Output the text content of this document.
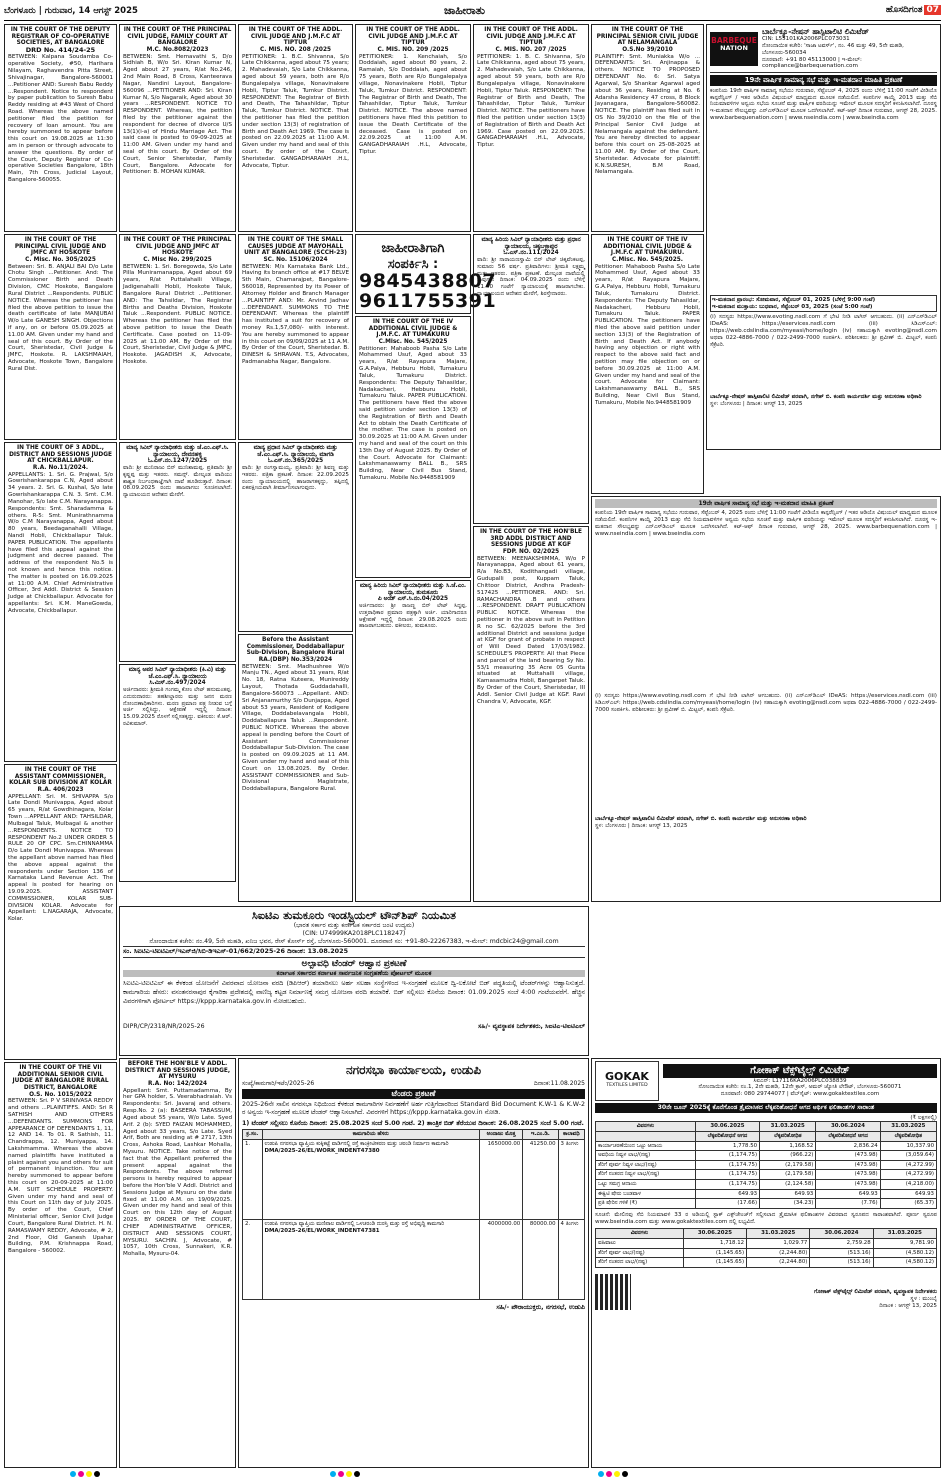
ಬೆಂಗಳೂರು | ಗುರುವಾರ, 14 ಆಗಸ್ಟ್ 2025	ಜಾಹೀರಾತು	ಹೊಸದಿಗಂತ 07
IN THE COURT OF THE DEPUTY REGISTRAR OF CO-OPERATIVE SOCIETIES, AT BANGALORE
DRD No. 414/24-25
BETWEEN: Kalpana Soudamba Co-operative Society, #50, Harihara Nilayam, Raghavendra Pitta Street, Shivajinagar, Bangalore-560001 ...Petitioner AND: Suresh Babu Reddy ...Respondent. Notice to respondent by paper publication to Suresh Babu Reddy residing at #43 West of Chord Road. Whereas the above named petitioner filed the petition for recovery of loan amount. You are hereby summoned to appear before this court on 19.08.2025 at 11:30 am in person or through advocate to answer the questions. By order of the Court, Deputy Registrar of Co-operative Societies Bangalore, 18th Main, 7th Cross, Judicial Layout, Bangalore-560055.
IN THE COURT OF THE PRINCIPAL CIVIL JUDGE, FAMILY COURT AT BANGALORE
M.C. No.8082/2023
BETWEEN: Smt. Hemavathi S, D/o Sidhiah B, W/o Sri. Kiran Kumar N, Aged about 27 years, R/at No.246, 2nd Main Road, 8 Cross, Kanteerava Nagar, Nandini Layout, Bangalore-560096 ...PETITIONER AND: Sri. Kiran Kumar N, S/o Nagaraik, Aged about 30 years ...RESPONDENT. NOTICE TO RESPONDENT. Whereas, the petition filed by the petitioner against the respondent for decree of divorce U/S 13(1)(i-a) of Hindu Marriage Act. The said case is posted to 09-09-2025 at 11:00 AM. Given under my hand and seal of this court. By Order of the Court, Senior Sheristedar, Family Court, Bangalore. Advocate for Petitioner: B. MOHAN KUMAR.
IN THE COURT OF THE ADDL. CIVIL JUDGE AND J.M.F.C AT TIPTUR
C. MIS. NO. 208 /2025
PETITIONER: 1. B.C. Shivanna, S/o Late Chikkanna, aged about 75 years; 2. Mahadevaiah, S/o Late Chikkanna, aged about 59 years, both are R/o Bungalepalya village, Nonavinakere Hobli, Tiptur Taluk, Tumkur District. RESPONDENT: The Registrar of Birth and Death, The Tahashildar, Tiptur Taluk, Tumkur District. NOTICE. That the petitioner has filed the petition under section 13(3) of registration of Birth and Death Act 1969. The case is posted on 22.09.2025 at 11:00 A.M. Given under my hand and seal of this court. By order of the Court, Sheristedar. GANGADHARAIAH .H.L, Advocate, Tiptur.
IN THE COURT OF THE ADDL. CIVIL JUDGE AND J.M.F.C AT TIPTUR
C. MIS. NO. 209 /2025
PETITIONER: 1. Kenchaiah, S/o Doddaiah, aged about 80 years, 2. Ramaiah, S/o Doddaiah, aged about 75 years, Both are R/o Bungalepalya village, Nonavinakere Hobli, Tiptur Taluk, Tumkur District. RESPONDENT: The Registrar of Birth and Death, The Tahashildar, Tiptur Taluk, Tumkur District. NOTICE. The above named petitioners have filed this petition to issue the Death Certificate of the deceased. Case is posted on 22.09.2025 at 11:00 A.M. GANGADHARAIAH .H.L, Advocate, Tiptur.
IN THE COURT OF THE ADDL. CIVIL JUDGE AND J.M.F.C AT TIPTUR
C. MIS. NO. 207 /2025
PETITIONER: 1. B. C. Shivanna, S/o Late Chikkanna, aged about 75 years, 2. Mahadevaiah, S/o Late Chikkanna, aged about 59 years, both are R/o Bungalepalya village, Nonavinakere Hobli, Tiptur Taluk. RESPONDENT: The Registrar of Birth and Death, The Tahashildar, Tiptur Taluk, Tumkur District. NOTICE. The petitioners have filed the petition under section 13(3) of Registration of Birth and Death Act 1969. Case posted on 22.09.2025. GANGADHARAIAH .H.L, Advocate, Tiptur.
IN THE COURT OF THE PRINCIPAL SENIOR CIVIL JUDGE AT NELAMANGALA
O.S.No 39/2010
PLAINTIFF: Smt. Muniakka W/o ... DEFENDANTS: Sri. Anjinappa & others. NOTICE TO PROPOSED DEFENDANT No. 6: Sri. Satya Agarwal, S/o Shankar Agarwal aged about 36 years, Residing at No. 6 Adarsha Residency 47 cross, 8 Block Jayanagara, Bangalore-560082. NOTICE. The plaintiff has filed suit in OS No 39/2010 on the file of the Principal Senior Civil Judge at Nelamangala against the defendant. You are hereby directed to appear before this court on 25-08-2025 at 11.00 AM. By Order of the Court, Sheristedar. Advocate for plaintiff: K.N.SURESH, B.M Road, Nelamangala.
BARBEQUE
NATION
ಬಾರ್ಬೆಕ್ಯೂ-ನೇಷನ್ ಹಾಸ್ಪಿಟಾಲಿಟಿ ಲಿಮಿಟೆಡ್
CIN: L55101KA2006PLC073031
ನೋಂದಾಯಿತ ಕಚೇರಿ: 'ಸಾಜಾ ಟವರ್ಸ್', ನಂ. 46 ಮತ್ತು 49, 5ನೇ ಮಹಡಿ, ಬೆಂಗಳೂರು-560034
ದೂರವಾಣಿ: +91 80 45113000 | ಇ-ಮೇಲ್: compliance@barbequenation.com
19ನೇ ವಾರ್ಷಿಕ ಸಾಮಾನ್ಯ ಸಭೆ ಮತ್ತು ಇ-ಮತದಾನ ಮಾಹಿತಿ ಪ್ರಕಟಣೆ
ಕಂಪನಿಯ 19ನೇ ವಾರ್ಷಿಕ ಸಾಮಾನ್ಯ ಸಭೆಯು ಗುರುವಾರ, ಸೆಪ್ಟೆಂಬರ್ 4, 2025 ರಂದು ಬೆಳಿಗ್ಗೆ 11:00 ಗಂಟೆಗೆ ವೀಡಿಯೊ ಕಾನ್ಫರೆನ್ಸಿಂಗ್ / ಇತರ ಆಡಿಯೊ ವಿಷುಯಲ್ ಮಾಧ್ಯಮದ ಮೂಲಕ ನಡೆಯಲಿದೆ. ಕಂಪನಿಗಳ ಕಾಯ್ದೆ 2013 ಮತ್ತು ಸೆಬಿ ನಿಯಮಾವಳಿಗಳ ಅನ್ವಯ ಸಭೆಯ ಸೂಚನೆ ಮತ್ತು ವಾರ್ಷಿಕ ವರದಿಯನ್ನು ಇಮೇಲ್ ಮೂಲಕ ಸದಸ್ಯರಿಗೆ ಕಳುಹಿಸಲಾಗಿದೆ. ದೂರಸ್ಥ ಇ-ಮತದಾನ ಸೌಲಭ್ಯವನ್ನು ಎನ್‌ಎಸ್‌ಡಿಎಲ್ ಮೂಲಕ ಒದಗಿಸಲಾಗಿದೆ. ಕಟ್-ಆಫ್ ದಿನಾಂಕ ಗುರುವಾರ, ಆಗಸ್ಟ್ 28, 2025. www.barbequenation.com | www.nseindia.com | www.bseindia.com
ಇ-ಮತದಾನ ಪ್ರಾರಂಭ: ಸೋಮವಾರ, ಸೆಪ್ಟೆಂಬರ್ 01, 2025 (ಬೆಳಿಗ್ಗೆ 9:00 ಗಂಟೆ)
ಇ-ಮತದಾನ ಮುಕ್ತಾಯ: ಬುಧವಾರ, ಸೆಪ್ಟೆಂಬರ್ 03, 2025 (ಸಂಜೆ 5:00 ಗಂಟೆ)
(i) ಸದಸ್ಯರು https://www.evoting.nsdl.com ಗೆ ಭೇಟಿ ನೀಡಿ ಲಾಗಿನ್ ಆಗಬಹುದು. (ii) ಎನ್‌ಎಸ್‌ಡಿಎಲ್ IDeAS: https://eservices.nsdl.com (iii) ಸಿಡಿಎಸ್‌ಎಲ್: https://web.cdslindia.com/myeasi/home/login (iv) ಸಹಾಯಕ್ಕಾಗಿ evoting@nsdl.com ಅಥವಾ 022-4886-7000 / 022-2499-7000 ಸಂಪರ್ಕಿಸಿ. ಪರಿಶೀಲಕರು: ಶ್ರೀ ಪ್ರವೀಣ್ ಬಿ. ಮಿಟ್ಟಲ್, ಕಂಪನಿ ಸೆಕ್ರೆಟರಿ.
ಬಾರ್ಬೆಕ್ಯೂ-ನೇಷನ್ ಹಾಸ್ಪಿಟಾಲಿಟಿ ಲಿಮಿಟೆಡ್ ಪರವಾಗಿ, ನಗೇಶ್ ಬಿ. ಕಂಪನಿ ಕಾರ್ಯದರ್ಶಿ ಮತ್ತು ಅನುಸರಣಾ ಅಧಿಕಾರಿ
ಸ್ಥಳ: ಬೆಂಗಳೂರು | ದಿನಾಂಕ: ಆಗಸ್ಟ್ 13, 2025
IN THE COURT OF THE PRINCIPAL CIVIL JUDGE AND JMFC AT HOSKOTE
C. Misc. No. 305/2025
Between: Sri. B. ANJALI BAI D/o Late Chotu Singh ...Petitioner. And: The Commissioner Birth and Death Division, CMC Hoskote, Bangalore Rural District ...Respondents. PUBLIC NOTICE. Whereas the petitioner has filed the above petition to issue the death certificate of late MANJUBAI W/o Late GANESH SINGH. Objections if any, on or before 05.09.2025 at 11.00 AM. Given under my hand and seal of this court. By Order of the Court, Sheristedar, Civil Judge & JMFC, Hoskote. R. LAKSHMAIAH, Advocate, Hoskote Town, Bangalore Rural Dist.
IN THE COURT OF THE PRINCIPAL CIVIL JUDGE AND JMFC AT HOSKOTE
C. Misc No. 299/2025
BETWEEN: 1. Sri. Boregowda, S/o Late Pilla Muniramanappa, Aged about 69 years, R/at Puttalahalli Village, Jadigenahalli Hobli, Hoskote Taluk, Bangalore Rural District ...Petitioner. AND: The Tahsildar, The Registrar Births and Deaths Division, Hoskote Taluk ...Respondent. PUBLIC NOTICE. Whereas the petitioner has filed the above petition to issue the Death Certificate. Case posted on 11-09-2025 at 11.00 AM. By Order of the Court, Sheristedar, Civil Judge & JMFC, Hoskote. JAGADISH .K, Advocate, Hoskote.
IN THE COURT OF THE SMALL CAUSES JUDGE AT MAYOHALL UNIT AT BANGALORE (SCCH-23)
SC. No. 15106/2024
BETWEEN: M/s Karnataka Bank Ltd., Having its branch office at #17 BELVE Sth Main, Chamarajpet, Bangalore-560018, Represented by its Power of Attorney Holder and Branch Manager ...PLAINTIFF AND: Mr. Arvind Jadhav ...DEFENDANT. SUMMONS TO THE DEFENDANT. Whereas the plaintiff has instituted a suit for recovery of money Rs.1,57,080/- with interest. You are hereby summoned to appear in this court on 09/09/2025 at 11 A.M. By Order of the Court, Sheristedar. B. DINESH & SHRAVAN. T.S, Advocates, Padmanabha Nagar, Bangalore.
ಜಾಹೀರಾತಿಗಾಗಿ ಸಂಪರ್ಕಿಸಿ :
9845438807
9611755391
IN THE COURT OF THE IV ADDITIONAL CIVIL JUDGE & J.M.F.C. AT TUMAKURU
C.Misc. No. 545/2025
Petitioner: Mahaboob Pasha S/o Late Mohammed Usuf, Aged about 33 years, R/at Rayapura Majare, G.A.Palya, Hebburu Hobli, Tumakuru Taluk, Tumakuru District. Respondents: The Deputy Tahasildar, Nadakacheri, Hebburu Hobli, Tumakuru Taluk. PAPER PUBLICATION. The petitioners have filed the above said petition under section 13(3) of the Registration of Birth and Death Act to obtain the Death Certificate of the mother. The case is posted on 30.09.2025 at 11:00 A.M. Given under my hand and seal of the court on this 13th Day of August 2025. By Order of the Court. Advocate for Claimant: Lakshmanaswamy BALL B., SRS Building, Near Civil Bus Stand, Tumakuru. Mobile No.9448581909
ಮಾನ್ಯ ಹಿರಿಯ ಸಿವಿಲ್ ನ್ಯಾಯಾಧೀಶರು ಮತ್ತು ಪ್ರಧಾನ ನ್ಯಾಯಾಲಯ, ಚಿಕ್ಕಬಳ್ಳಾಪುರ
ಓ.ಎಸ್.ನಂ.111/2024
ವಾದಿ: ಶ್ರೀ ನಾರಾಯಣಸ್ವಾಮಿ ಬಿನ್ ಲೇಟ್ ಚಿಕ್ಕವೆಂಕಟಪ್ಪ, ಸುಮಾರು 56 ವರ್ಷ. ಪ್ರತಿವಾದಿಗಳು: ಶ್ರೀಮತಿ ಲಕ್ಷ್ಮಮ್ಮ ಮತ್ತು ಇತರರು. ಪತ್ರಿಕಾ ಪ್ರಕಟಣೆ. ಮೇಲ್ಕಂಡ ದಾವೆಯಲ್ಲಿ ತಾವುಗಳು ದಿನಾಂಕ: 04.09.2025 ರಂದು ಬೆಳಿಗ್ಗೆ 11.00 ಗಂಟೆಗೆ ನ್ಯಾಯಾಲಯಕ್ಕೆ ಹಾಜರಾಗಬೇಕು. ನ್ಯಾಯಾಲಯದ ಆದೇಶದ ಮೇರೆಗೆ, ಶಿರಸ್ತೇದಾರರು.
IN THE COURT OF THE IV ADDITIONAL CIVIL JUDGE & J.M.F.C AT TUMAKURU.
C.Misc. No. 545/2025.
Petitioner: Mahaboob Pasha S/o Late Mohammed Usuf, Aged about 33 years, R/at Rayapura Majare, G.A.Palya, Hebburu Hobli, Tumakuru Taluk, Tumakuru District. Respondents: The Deputy Tahasildar, Nadakacheri, Hebburu Hobli, Tumakuru Taluk. PAPER PUBLICATION. The petitioners have filed the above said petition under section 13(3) of the Registration of Birth and Death Act. If anybody having any objection or right with respect to the above said fact and petition may file objection on or before 30.09.2025 at 11:00 A.M. Given under my hand and seal of the court. Advocate for Claimant: Lakshmanaswamy BALL B., SRS Building, Near Civil Bus Stand, Tumakuru, Mobile No.9448581909
IN THE COURT OF 3 ADDL., DISTRICT AND SESSIONS JUDGE AT CHICKBALLAPUR.
R.A. No.11/2024.
APPELLANTS: 1. Sri. G. Prajwal, S/o Gowrishankarappa C.N, Aged about 34 years. 2. Sri. G. Kushal, S/o late Gowrishankarappa C.N. 3. Smt. C.M. Manohar, S/o late C.M. Narayanappa. Respondents: Smt. Sharadamma & others. R-5: Smt. Munirathnamma W/o C.M Narayanappa, Aged about 80 years, Beedaganahalli Village, Nandi Hobli, Chickballapur Taluk. PAPER PUBLICATION. The appellants have filed this appeal against the judgment and decree passed. The address of the respondent No.5 is not known and hence this notice. The matter is posted on 16.09.2025 at 11:00 A.M. Chief Administrative Officer, 3rd Addl. District & Session Judge at Chickballapur. Advocate for appellants: Sri. K.M. ManeGowda, Advocate, Chickballapur.
IN THE COURT OF THE ASSISTANT COMMISSIONER, KOLAR SUB DIVISION AT KOLAR
R.A. 406/2023
APPELLANT: Sri. M. SHIVAPPA S/o Late Dondi Munivappa, Aged about 65 years, R/at Gowdhinagara, Kolar Town ...APPELLANT AND: TAHSILDAR, Mulbagal Taluk, Mulbagal & another ...RESPONDENTS. NOTICE TO RESPONDENT No.2 UNDER ORDER 5 RULE 20 OF CPC. Sm.CHINNAMMA D/o Late Dondi Munivappa. Whereas the appellant above named has filed the above appeal against the respondents under Section 136 of Karnataka Land Revenue Act. The appeal is posted for hearing on 19.09.2025. ASSISTANT COMMISSIONER, KOLAR SUB-DIVISION KOLAR. Advocate for Appellant: L.NAGARAJA, Advocate, Kolar.
IN THE COURT OF THE VII ADDITIONAL SENIOR CIVIL JUDGE AT BANGALORE RURAL DISTRICT, BANGALORE
O.S. No. 1015/2022
BETWEEN: Sri. P V SRINIVASA REDDY and others ...PLAINTIFFS. AND: Sri R SATHISH AND OTHERS ...DEFENDANTS. SUMMONS FOR APPEARANCE OF DEFENDANTS 1, 11, 12 AND 14. To 01. R Sathish, 11. Chandrappa, 12. Muniyappa, 14. Lakshmamma. Whereas the above named plaintiffs have instituted a plaint against you and others for suit of permanent injunction. You are hereby summoned to appear before this court on 20-09-2025 at 11:00 A.M. SUIT SCHEDULE PROPERTY. Given under my hand and seal of this Court on 11th day of July 2025. By order of the Court, Chief Ministerial officer, Senior Civil Judge Court, Bangalore Rural District. H. N. RAMASWAMY REDDY, Advocate, # 2, 2nd Floor, Old Ganesh Upahar Building, P.M. Krishnappa Road, Bangalore - 560002.
ಮಾನ್ಯ ಸಿವಿಲ್ ನ್ಯಾಯಾಧೀಶರು ಮತ್ತು ಜೆ.ಎಂ.ಎಫ್.ಸಿ. ನ್ಯಾಯಾಲಯ, ದೇವನಹಳ್ಳಿ
ಓ.ಎಸ್.ನಂ.1247/2025
ವಾದಿ: ಶ್ರೀ ಮುನಿರಾಜು ಬಿನ್ ಮುನಿಶಾಮಪ್ಪ. ಪ್ರತಿವಾದಿ: ಶ್ರೀ ಕೃಷ್ಣಪ್ಪ ಮತ್ತು ಇತರರು. ಸಮನ್ಸ್. ಮೇಲ್ಕಂಡ ವಾದಿಯು ಶಾಶ್ವತ ನಿರ್ಬಂಧಕಾಜ್ಞೆಗಾಗಿ ದಾವೆ ಹೂಡಿರುತ್ತಾರೆ. ದಿನಾಂಕ: 08.09.2025 ರಂದು ಹಾಜರಾಗಲು ಸೂಚಿಸಲಾಗಿದೆ. ನ್ಯಾಯಾಲಯದ ಆದೇಶದ ಮೇರೆಗೆ.
ಮಾನ್ಯ ಅಪರ ಸಿವಿಲ್ ನ್ಯಾಯಾಧೀಶರು (ಕಿ.ವಿ) ಮತ್ತು ಜೆ.ಎಂ.ಎಫ್.ಸಿ. ನ್ಯಾಯಾಲಯ
ಸಿ.ಮಿಸ್.ನಂ.497/2024
ಅರ್ಜಿದಾರರು: ಶ್ರೀಮತಿ ಗಂಗಮ್ಮ ಕೋಂ ಲೇಟ್ ಹನುಮಂತಪ್ಪ. ಎದುರುದಾರರು: ತಹಶೀಲ್ದಾರರು ಮತ್ತು ಜನನ ಮರಣ ನೋಂದಣಾಧಿಕಾರಿಗಳು. ಮರಣ ಪ್ರಮಾಣ ಪತ್ರ ನೀಡುವ ಬಗ್ಗೆ ಅರ್ಜಿ ಸಲ್ಲಿಸಿದ್ದು, ಆಕ್ಷೇಪಣೆ ಇದ್ದಲ್ಲಿ ದಿನಾಂಕ: 15.09.2025 ರೊಳಗೆ ಸಲ್ಲಿಸತಕ್ಕದ್ದು. ವಕೀಲರು: ಕೆ.ಆರ್. ರವಿಕುಮಾರ್.
ಮಾನ್ಯ ಪ್ರಧಾನ ಸಿವಿಲ್ ನ್ಯಾಯಾಧೀಶರು ಮತ್ತು ಜೆ.ಎಂ.ಎಫ್.ಸಿ. ನ್ಯಾಯಾಲಯ, ಮಾಗಡಿ
ಓ.ಎಸ್.ನಂ.365/2025
ವಾದಿ: ಶ್ರೀ ರಂಗಸ್ವಾಮಯ್ಯ. ಪ್ರತಿವಾದಿ: ಶ್ರೀ ಶಿವಣ್ಣ ಮತ್ತು ಇತರರು. ಪತ್ರಿಕಾ ಪ್ರಕಟಣೆ. ದಿನಾಂಕ: 22.09.2025 ರಂದು ನ್ಯಾಯಾಲಯದಲ್ಲಿ ಹಾಜರಾಗತಕ್ಕದ್ದು, ತಪ್ಪಿದಲ್ಲಿ ಏಕಪಕ್ಷೀಯವಾಗಿ ತೀರ್ಮಾನಿಸಲಾಗುವುದು.
Before the Assistant Commissioner, Doddaballapur Sub-Division, Bangalore Rural
RA.(DBP) No.353/2024
BETWEEN: Smt. Madhushree W/o Manju TN., Aged about 31 years, R/at No. 18, Ratna Kuteera, Munireddy Layout, Thotada Guddadahalli, Bangalore-560073 ...Appellant. AND: Sri Anjanamurthy S/o Dunjappa, Aged about 53 years, Resident of Kodigere Village, Doddabelavangala Hobli, Doddaballapura Taluk ...Respondent. PUBLIC NOTICE. Whereas the above appeal is pending before the Court of Assistant Commissioner Doddaballapur Sub-Division. The case is posted on 09.09.2025 at 11 AM. Given under my hand and seal of this Court on 13.08.2025. By Order. ASSISTANT COMMISSIONER and Sub-Divisional Magistrate, Doddaballapura, Bangalore Rural.
ಮಾನ್ಯ ಹಿರಿಯ ಸಿವಿಲ್ ನ್ಯಾಯಾಧೀಶರು ಮತ್ತು ಸಿ.ಜೆ.ಎಂ. ನ್ಯಾಯಾಲಯ, ತುಮಕೂರು
ಪಿ ಅಂಡ್ ಎಸ್.ಸಿ.ನಂ.04/2025
ಅರ್ಜಿದಾರರು: ಶ್ರೀ ರಾಜಣ್ಣ ಬಿನ್ ಲೇಟ್ ಸಿದ್ದಪ್ಪ. ಉತ್ತರಾಧಿಕಾರ ಪ್ರಮಾಣ ಪತ್ರಕ್ಕಾಗಿ ಅರ್ಜಿ. ಯಾರಿಗಾದರೂ ಆಕ್ಷೇಪಣೆ ಇದ್ದಲ್ಲಿ ದಿನಾಂಕ: 29.08.2025 ರಂದು ಹಾಜರಾಗಬಹುದು. ವಕೀಲರು, ತುಮಕೂರು.
IN THE COURT OF THE HON'BLE 3RD ADDL DISTRICT AND SESSIONS JUDGE AT KGF
FDP. NO. 02/2025
BETWEEN: MEENAKSHIMMA, W/o P Narayanappa, Aged about 61 years, R/a No.B3, Kodithangadi village, Gudupalli post, Kuppam Taluk, Chittoor District, Andhra Pradesh-517425 ...PETITIONER. AND: Sri. RAMACHANDRA .B and others ...RESPONDENT. DRAFT PUBLICATION PUBLIC NOTICE. Whereas the petitioner in the above suit in Petition R no SC. 62/2025 before the 3rd additional District and sessions judge at KGF for grant of probate in respect of Will Deed Dated 17/03/1982. SCHEDULE'S PROPERTY: All that Piece and parcel of the land bearing Sy No. 53/1 measuring 35 Acre 05 Gunta situated at Muttahalli village, Kamasamudra Hobli, Bangarpet Taluk. By Order of the Court, Sheristedar, III Addl. Senior Civil Judge at KGF. Ravi Chandra V, Advocate, KGF.
19ನೇ ವಾರ್ಷಿಕ ಸಾಮಾನ್ಯ ಸಭೆ ಮತ್ತು ಇ-ಮತದಾನ ಮಾಹಿತಿ ಪ್ರಕಟಣೆ
ಕಂಪನಿಯ 19ನೇ ವಾರ್ಷಿಕ ಸಾಮಾನ್ಯ ಸಭೆಯು ಗುರುವಾರ, ಸೆಪ್ಟೆಂಬರ್ 4, 2025 ರಂದು ಬೆಳಿಗ್ಗೆ 11:00 ಗಂಟೆಗೆ ವೀಡಿಯೊ ಕಾನ್ಫರೆನ್ಸಿಂಗ್ / ಇತರ ಆಡಿಯೊ ವಿಷುಯಲ್ ಮಾಧ್ಯಮದ ಮೂಲಕ ನಡೆಯಲಿದೆ. ಕಂಪನಿಗಳ ಕಾಯ್ದೆ 2013 ಮತ್ತು ಸೆಬಿ ನಿಯಮಾವಳಿಗಳ ಅನ್ವಯ ಸಭೆಯ ಸೂಚನೆ ಮತ್ತು ವಾರ್ಷಿಕ ವರದಿಯನ್ನು ಇಮೇಲ್ ಮೂಲಕ ಸದಸ್ಯರಿಗೆ ಕಳುಹಿಸಲಾಗಿದೆ. ದೂರಸ್ಥ ಇ-ಮತದಾನ ಸೌಲಭ್ಯವನ್ನು ಎನ್‌ಎಸ್‌ಡಿಎಲ್ ಮೂಲಕ ಒದಗಿಸಲಾಗಿದೆ. ಕಟ್-ಆಫ್ ದಿನಾಂಕ ಗುರುವಾರ, ಆಗಸ್ಟ್ 28, 2025. www.barbequenation.com | www.nseindia.com | www.bseindia.com
(i) ಸದಸ್ಯರು https://www.evoting.nsdl.com ಗೆ ಭೇಟಿ ನೀಡಿ ಲಾಗಿನ್ ಆಗಬಹುದು. (ii) ಎನ್‌ಎಸ್‌ಡಿಎಲ್ IDeAS: https://eservices.nsdl.com (iii) ಸಿಡಿಎಸ್‌ಎಲ್: https://web.cdslindia.com/myeasi/home/login (iv) ಸಹಾಯಕ್ಕಾಗಿ evoting@nsdl.com ಅಥವಾ 022-4886-7000 / 022-2499-7000 ಸಂಪರ್ಕಿಸಿ. ಪರಿಶೀಲಕರು: ಶ್ರೀ ಪ್ರವೀಣ್ ಬಿ. ಮಿಟ್ಟಲ್, ಕಂಪನಿ ಸೆಕ್ರೆಟರಿ.
ಬಾರ್ಬೆಕ್ಯೂ-ನೇಷನ್ ಹಾಸ್ಪಿಟಾಲಿಟಿ ಲಿಮಿಟೆಡ್ ಪರವಾಗಿ, ನಗೇಶ್ ಬಿ. ಕಂಪನಿ ಕಾರ್ಯದರ್ಶಿ ಮತ್ತು ಅನುಸರಣಾ ಅಧಿಕಾರಿ
ಸ್ಥಳ: ಬೆಂಗಳೂರು | ದಿನಾಂಕ: ಆಗಸ್ಟ್ 13, 2025
ಸಿಐಟಿಎ ತುಮಕೂರು ಇಂಡಸ್ಟ್ರಿಯಲ್ ಟೌನ್‌ಶಿಪ್ ನಿಯಮಿತ
(ಭಾರತ ಸರ್ಕಾರ ಮತ್ತು ಕರ್ನಾಟಕ ಸರ್ಕಾರದ ಜಂಟಿ ಉದ್ಯಮ)
(CIN: U74999KA2018PLC118247)
ನೋಂದಾಯಿತ ಕಚೇರಿ: ನಂ.49, 5ನೇ ಮಹಡಿ, ಖನಿಜ ಭವನ, ರೇಸ್ ಕೋರ್ಸ್ ರಸ್ತೆ, ಬೆಂಗಳೂರು-560001. ದೂರವಾಣಿ ಸಂ: +91-80-22267383, ಇ-ಮೇಲ್: mdcbic24@gmail.com
ಸಂ. ಸಿಐಟಿಎ-ಟಿಐಟಿಎಲ್/ಇಎನ್‌ಜಿ/ಸಿಬಿ-ಡಿಇಎಸ್-01/662/2025-26 ದಿನಾಂಕ: 13.08.2025
ಅಲ್ಪಾವಧಿ ಟೆಂಡರ್ ಆಹ್ವಾನ ಪ್ರಕಟಣೆ
ಕರ್ನಾಟಕ ಸರ್ಕಾರದ ಕರ್ನಾಟಕ ಸಾರ್ವಜನಿಕ ಸಂಗ್ರಹಣೆಯ ಪೋರ್ಟಲ್ ಮೂಲಕ
ಸಿಐಟಿಎ-ಟಿಐಟಿಎಲ್ ಈ ಕೆಳಕಂಡ ಯೋಜನೆಗೆ ವಿವರವಾದ ಯೋಜನಾ ವರದಿ (ಡಿಪಿಆರ್) ತಯಾರಿಸಲು ಅರ್ಹ ಸಲಹಾ ಸಂಸ್ಥೆಗಳಿಂದ ಇ-ಸಂಗ್ರಹಣೆ ಮೂಲಕ ದ್ವಿ-ಲಕೋಟೆ ಬಿಡ್ ಪದ್ಧತಿಯಲ್ಲಿ ಟೆಂಡರ್‌ಗಳನ್ನು ಆಹ್ವಾನಿಸುತ್ತದೆ. ಕಾಮಗಾರಿಯ ಹೆಸರು: ವಸಂತನರಸಾಪುರ ಕೈಗಾರಿಕಾ ಪ್ರದೇಶದಲ್ಲಿ ವಾಣಿಜ್ಯ ಕಟ್ಟಡ ನಿರ್ಮಾಣಕ್ಕೆ ಸಮಗ್ರ ಯೋಜನಾ ವರದಿ ತಯಾರಿಕೆ. ಬಿಡ್ ಸಲ್ಲಿಸಲು ಕೊನೆಯ ದಿನಾಂಕ: 01.09.2025 ಸಂಜೆ 4:00 ಗಂಟೆಯವರೆಗೆ. ಹೆಚ್ಚಿನ ವಿವರಗಳಿಗಾಗಿ ಪೋರ್ಟಲ್ https://kppp.karnataka.gov.in ನೋಡಬಹುದು.
DIPR/CP/2318/NR/2025-26	ಸಹಿ/- ವ್ಯವಸ್ಥಾಪಕ ನಿರ್ದೇಶಕರು, ಸಿಐಟಿಎ-ಟಿಐಟಿಎಲ್
BEFORE THE HON'BLE V ADDL. DISTRICT AND SESSIONS JUDGE, AT MYSURU
R.A. No: 142/2024
Appellant: Smt. Puttamadamma, By her GPA holder, S. Veerabhadraiah. Vs Respondents: Sri. Javaraj and others. Resp.No. 2 (a): BASEERA TABASSUM, Aged about 55 years, W/o Late. Syed Arif. 2 (b): SYED FAIZAN MOHAMMED, Aged about 33 years, S/o Late. Syed Arif, Both are residing at # 2717, 13th Cross, Ashoka Road, Lashkar Mohalla, Mysuru. NOTICE. Take notice of the fact that the Appellant preferred the present appeal against the Respondents. The above referred persons is hereby required to appear before the Hon'ble V Addl. District and Sessions Judge at Mysuru on the date fixed at 11.00 A.M. on 19/09/2025. Given under my hand and seal of this Court on this 12th day of August 2025. BY ORDER OF THE COURT, CHIEF ADMINISTRATIVE OFFICER, DISTRICT AND SESSIONS COURT, MYSURU. SACHIN. J, Advocate, # 1057, 10th Cross, Sunnakeri, K.R. Mohalla, Mysuru-04.
ನಗರಸಭಾ ಕಾರ್ಯಾಲಯ, ಉಡುಪಿ
ಸಂಖ್ಯೆ/ಕಾಮಗಾರಿ/ಇಟೆಂ/2025-26	ದಿನಾಂಕ:11.08.2025
ಟೆಂಡರು ಪ್ರಕಟಣೆ
2025-26ನೇ ಸಾಲಿನ ನಗರಸಭಾ ನಿಧಿಯಿಂದ ಕೆಳಕಂಡ ಕಾಮಗಾರಿಗಳ ನಿರ್ವಹಣೆಗೆ ಅರ್ಹ ಗುತ್ತಿಗೆದಾರರಿಂದ Standard Bid Document K.W-1 & K.W-2 ರ ಅನ್ವಯ ಇ-ಸಂಗ್ರಹಣೆ ಮೂಲಕ ಟೆಂಡರ್ ಆಹ್ವಾನಿಸಲಾಗಿದೆ. ವಿವರಗಳಿಗೆ https://kppp.karnataka.gov.in ನೋಡಿ.
1) ಟೆಂಡರ್ ಸಲ್ಲಿಸಲು ಕೊನೆಯ ದಿನಾಂಕ: 25.08.2025 ಸಂಜೆ 5.00 ಗಂಟೆ. 2) ತಾಂತ್ರಿಕ ಬಿಡ್ ತೆರೆಯುವ ದಿನಾಂಕ: 26.08.2025 ಸಂಜೆ 5.00 ಗಂಟೆ.
ಕ್ರ.ಸಂ.	ಕಾಮಗಾರಿಯ ಹೆಸರು	ಅಂದಾಜು ಮೊತ್ತ	ಇ.ಎಂ.ಡಿ.	ಕಾಲಾವಧಿ
1.	ಉಡುಪಿ ನಗರಸಭಾ ವ್ಯಾಪ್ತಿಯ ಕುಕ್ಕಿಕಟ್ಟೆ ವಾರ್ಡಿನಲ್ಲಿ ರಸ್ತೆ ಕಾಂಕ್ರೀಟೀಕರಣ ಮತ್ತು ಚರಂಡಿ ನಿರ್ಮಾಣ ಕಾಮಗಾರಿ
DMA/2025-26/EL/WORK_INDENT47380	1650000.00	41250.00	3 ತಿಂಗಳು
2.	ಉಡುಪಿ ನಗರಸಭಾ ವ್ಯಾಪ್ತಿಯ ಮಣಿಪಾಲ ವಾರ್ಡಿನಲ್ಲಿ ಒಳಚರಂಡಿ ದುರಸ್ತಿ ಮತ್ತು ರಸ್ತೆ ಅಭಿವೃದ್ಧಿ ಕಾಮಗಾರಿ
DMA/2025-26/EL/WORK_INDENT47381	4000000.00	80000.00	4 ತಿಂಗಳು
ಸಹಿ/- ಪೌರಾಯುಕ್ತರು, ನಗರಸಭೆ, ಉಡುಪಿ
GOKAK
TEXTILES LIMITED
ಗೋಕಾಕ್ ಟೆಕ್ಸ್‌ಟೈಲ್ಸ್ ಲಿಮಿಟೆಡ್
ಸಿಐಎನ್: L17116KA2006PLC038839
ನೋಂದಾಯಿತ ಕಚೇರಿ: ನಂ.1, 2ನೇ ಮಹಡಿ, 12ನೇ ಕ್ರಾಸ್, ಅಮರ್ ಜ್ಯೋತಿ ಲೇಔಟ್, ಬೆಂಗಳೂರು-560071
ದೂರವಾಣಿ: 080 29744077 | ವೆಬ್‌ಸೈಟ್: www.gokaktextiles.com
30ನೇ ಜೂನ್ 2025ಕ್ಕೆ ಕೊನೆಗೊಂಡ ತ್ರೈಮಾಸಿಕದ ಲೆಕ್ಕಪರಿಶೋಧನೆ ಆಗದ ಆರ್ಥಿಕ ಫಲಿತಾಂಶಗಳ ಸಾರಾಂಶ
(₹ ಲಕ್ಷಗಳಲ್ಲಿ)
ವಿವರಗಳು	30.06.2025	31.03.2025	30.06.2024	31.03.2025
	ಲೆಕ್ಕಪರಿಶೋಧನೆ ಆಗದ	ಲೆಕ್ಕಪರಿಶೋಧಿತ	ಲೆಕ್ಕಪರಿಶೋಧನೆ ಆಗದ	ಲೆಕ್ಕಪರಿಶೋಧಿತ
ಕಾರ್ಯಾಚರಣೆಯಿಂದ ಒಟ್ಟು ಆದಾಯ	1,778.50	1,168.52	2,836.24	10,337.90
ಅವಧಿಯ ನಿವ್ವಳ ಲಾಭ/(ನಷ್ಟ)	(1,174.75)	(966.22)	(473.98)	(3,059.64)
ತೆರಿಗೆ ಪೂರ್ವ ನಿವ್ವಳ ಲಾಭ/(ನಷ್ಟ)	(1,174.75)	(2,179.58)	(473.98)	(4,272.99)
ತೆರಿಗೆ ನಂತರದ ನಿವ್ವಳ ಲಾಭ/(ನಷ್ಟ)	(1,174.75)	(2,179.58)	(473.98)	(4,272.99)
ಒಟ್ಟು ಸಮಗ್ರ ಆದಾಯ	(1,174.75)	(2,124.58)	(473.98)	(4,218.00)
ಈಕ್ವಿಟಿ ಷೇರು ಬಂಡವಾಳ	649.93	649.93	649.93	649.93
ಪ್ರತಿ ಷೇರಿನ ಗಳಿಕೆ (₹)	(17.66)	(34.23)	(7.76)	(65.37)
ಸೂಚನೆ: ಮೇಲಿನವು ಸೆಬಿ ನಿಯಮಾವಳಿ 33 ರ ಅಡಿಯಲ್ಲಿ ಸ್ಟಾಕ್ ಎಕ್ಸ್‌ಚೇಂಜ್‌ಗೆ ಸಲ್ಲಿಸಲಾದ ತ್ರೈಮಾಸಿಕ ಫಲಿತಾಂಶಗಳ ವಿವರವಾದ ಸ್ವರೂಪದ ಸಾರಾಂಶವಾಗಿದೆ. ಪೂರ್ಣ ಸ್ವರೂಪ www.bseindia.com ಮತ್ತು www.gokaktextiles.com ನಲ್ಲಿ ಲಭ್ಯವಿದೆ.
ವಿವರಗಳು	30.06.2025	31.03.2025	30.06.2024	31.03.2025
ವಹಿವಾಟು	1,718.12	1,029.77	2,759.28	9,781.90
ತೆರಿಗೆ ಪೂರ್ವ ಲಾಭ/(ನಷ್ಟ)	(1,145.65)	(2,244.80)	(513.16)	(4,580.12)
ತೆರಿಗೆ ನಂತರದ ಲಾಭ/(ನಷ್ಟ)	(1,145.65)	(2,244.80)	(513.16)	(4,580.12)
ಗೋಕಾಕ್ ಟೆಕ್ಸ್‌ಟೈಲ್ಸ್ ಲಿಮಿಟೆಡ್ ಪರವಾಗಿ, ವ್ಯವಸ್ಥಾಪಕ ನಿರ್ದೇಶಕರು
ಸ್ಥಳ : ಮುಂಬೈ
ದಿನಾಂಕ : ಆಗಸ್ಟ್ 13, 2025
